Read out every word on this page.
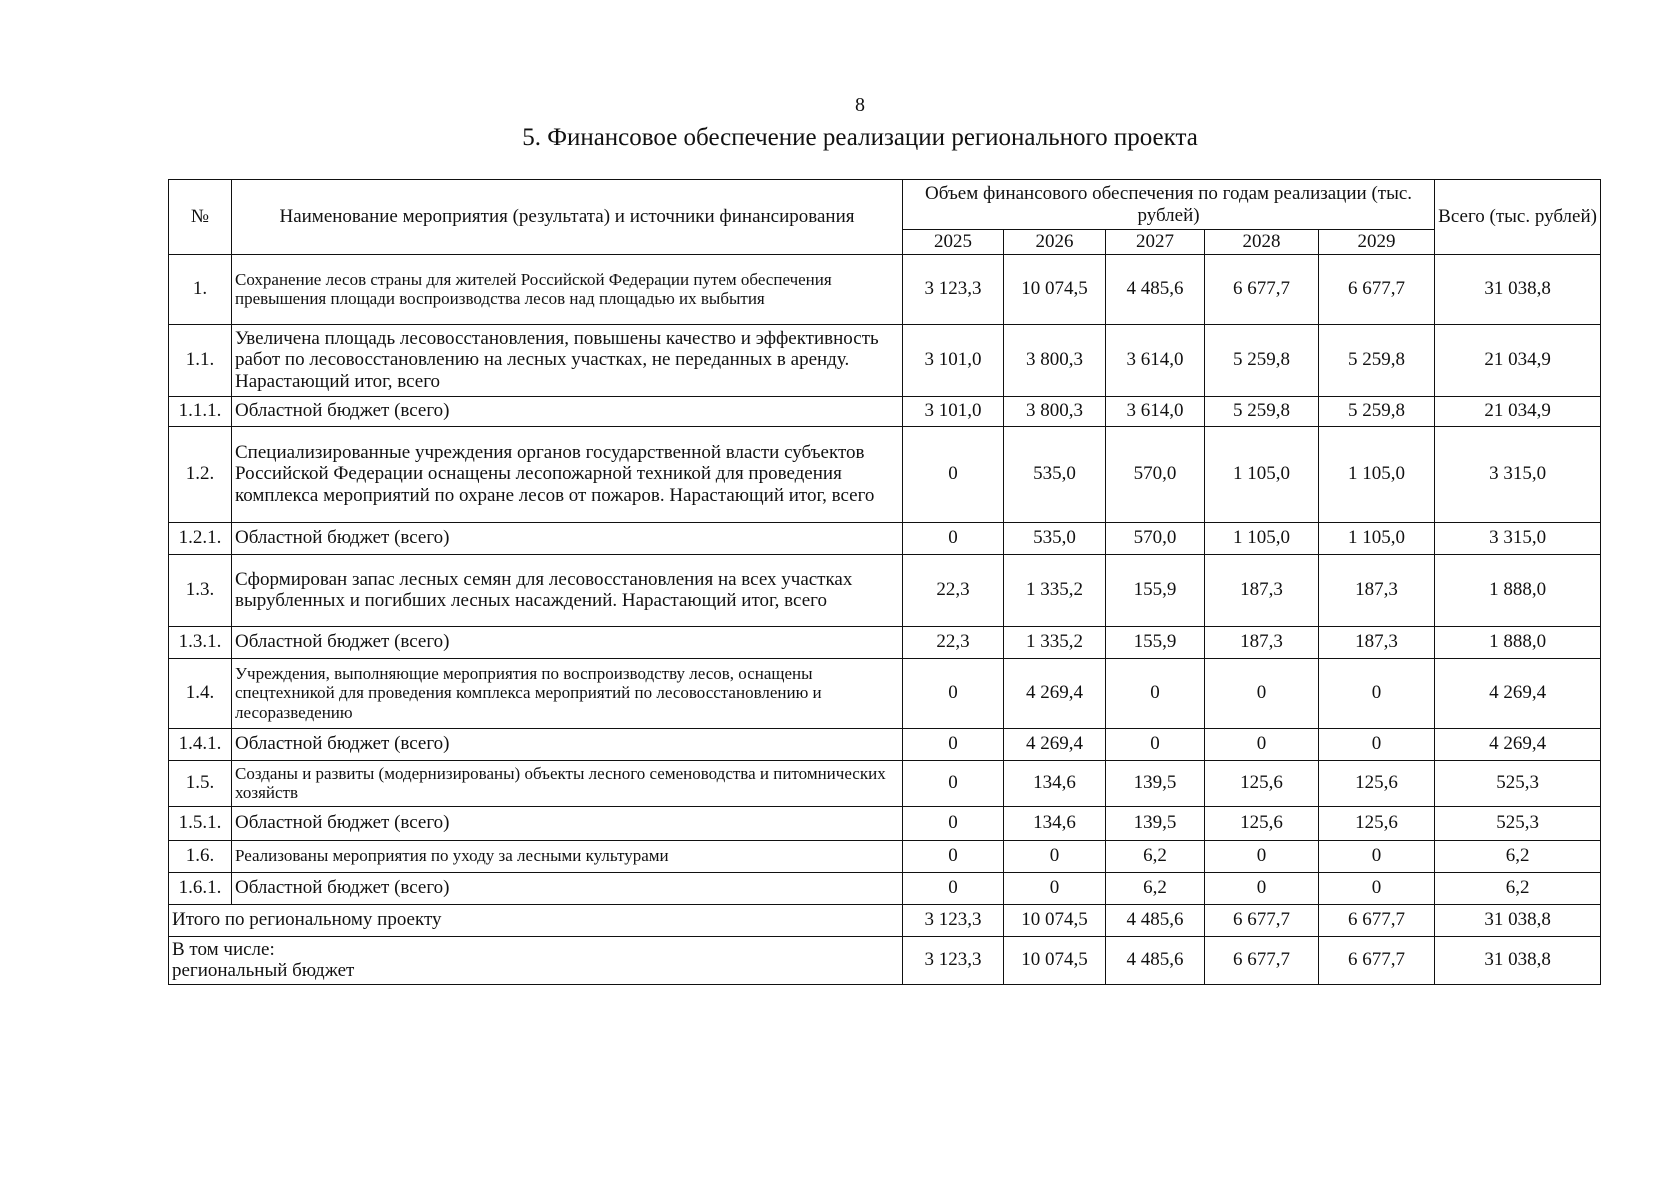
8
5. Финансовое обеспечение реализации регионального проекта
№	Наименование мероприятия (результата) и источники финансирования	Объем финансового обеспечения по годам реализации (тыс. рублей)					Всего (тыс. рублей)
		2025	2026	2027	2028	2029	
1.	Сохранение лесов страны для жителей Российской Федерации путем обеспечения превышения площади воспроизводства лесов над площадью их выбытия	3 123,3	10 074,5	4 485,6	6 677,7	6 677,7	31 038,8
1.1.	Увеличена площадь лесовосстановления, повышены качество и эффективность работ по лесовосстановлению на лесных участках, не переданных в аренду. Нарастающий итог, всего	3 101,0	3 800,3	3 614,0	5 259,8	5 259,8	21 034,9
1.1.1.	Областной бюджет (всего)	3 101,0	3 800,3	3 614,0	5 259,8	5 259,8	21 034,9
1.2.	Специализированные учреждения органов государственной власти субъектов Российской Федерации оснащены лесопожарной техникой для проведения комплекса мероприятий по охране лесов от пожаров. Нарастающий итог, всего	0	535,0	570,0	1 105,0	1 105,0	3 315,0
1.2.1.	Областной бюджет (всего)	0	535,0	570,0	1 105,0	1 105,0	3 315,0
1.3.	Сформирован запас лесных семян для лесовосстановления на всех участках вырубленных и погибших лесных насаждений. Нарастающий итог, всего	22,3	1 335,2	155,9	187,3	187,3	1 888,0
1.3.1.	Областной бюджет (всего)	22,3	1 335,2	155,9	187,3	187,3	1 888,0
1.4.	Учреждения, выполняющие мероприятия по воспроизводству лесов, оснащены спецтехникой для проведения комплекса мероприятий по лесовосстановлению и лесоразведению	0	4 269,4	0	0	0	4 269,4
1.4.1.	Областной бюджет (всего)	0	4 269,4	0	0	0	4 269,4
1.5.	Созданы и развиты (модернизированы) объекты лесного семеноводства и питомнических хозяйств	0	134,6	139,5	125,6	125,6	525,3
1.5.1.	Областной бюджет (всего)	0	134,6	139,5	125,6	125,6	525,3
1.6.	Реализованы мероприятия по уходу за лесными культурами	0	0	6,2	0	0	6,2
1.6.1.	Областной бюджет (всего)	0	0	6,2	0	0	6,2
Итого по региональному проекту		3 123,3	10 074,5	4 485,6	6 677,7	6 677,7	31 038,8

В том числе:
региональный бюджет		3 123,3	10 074,5	4 485,6	6 677,7	6 677,7	31 038,8
